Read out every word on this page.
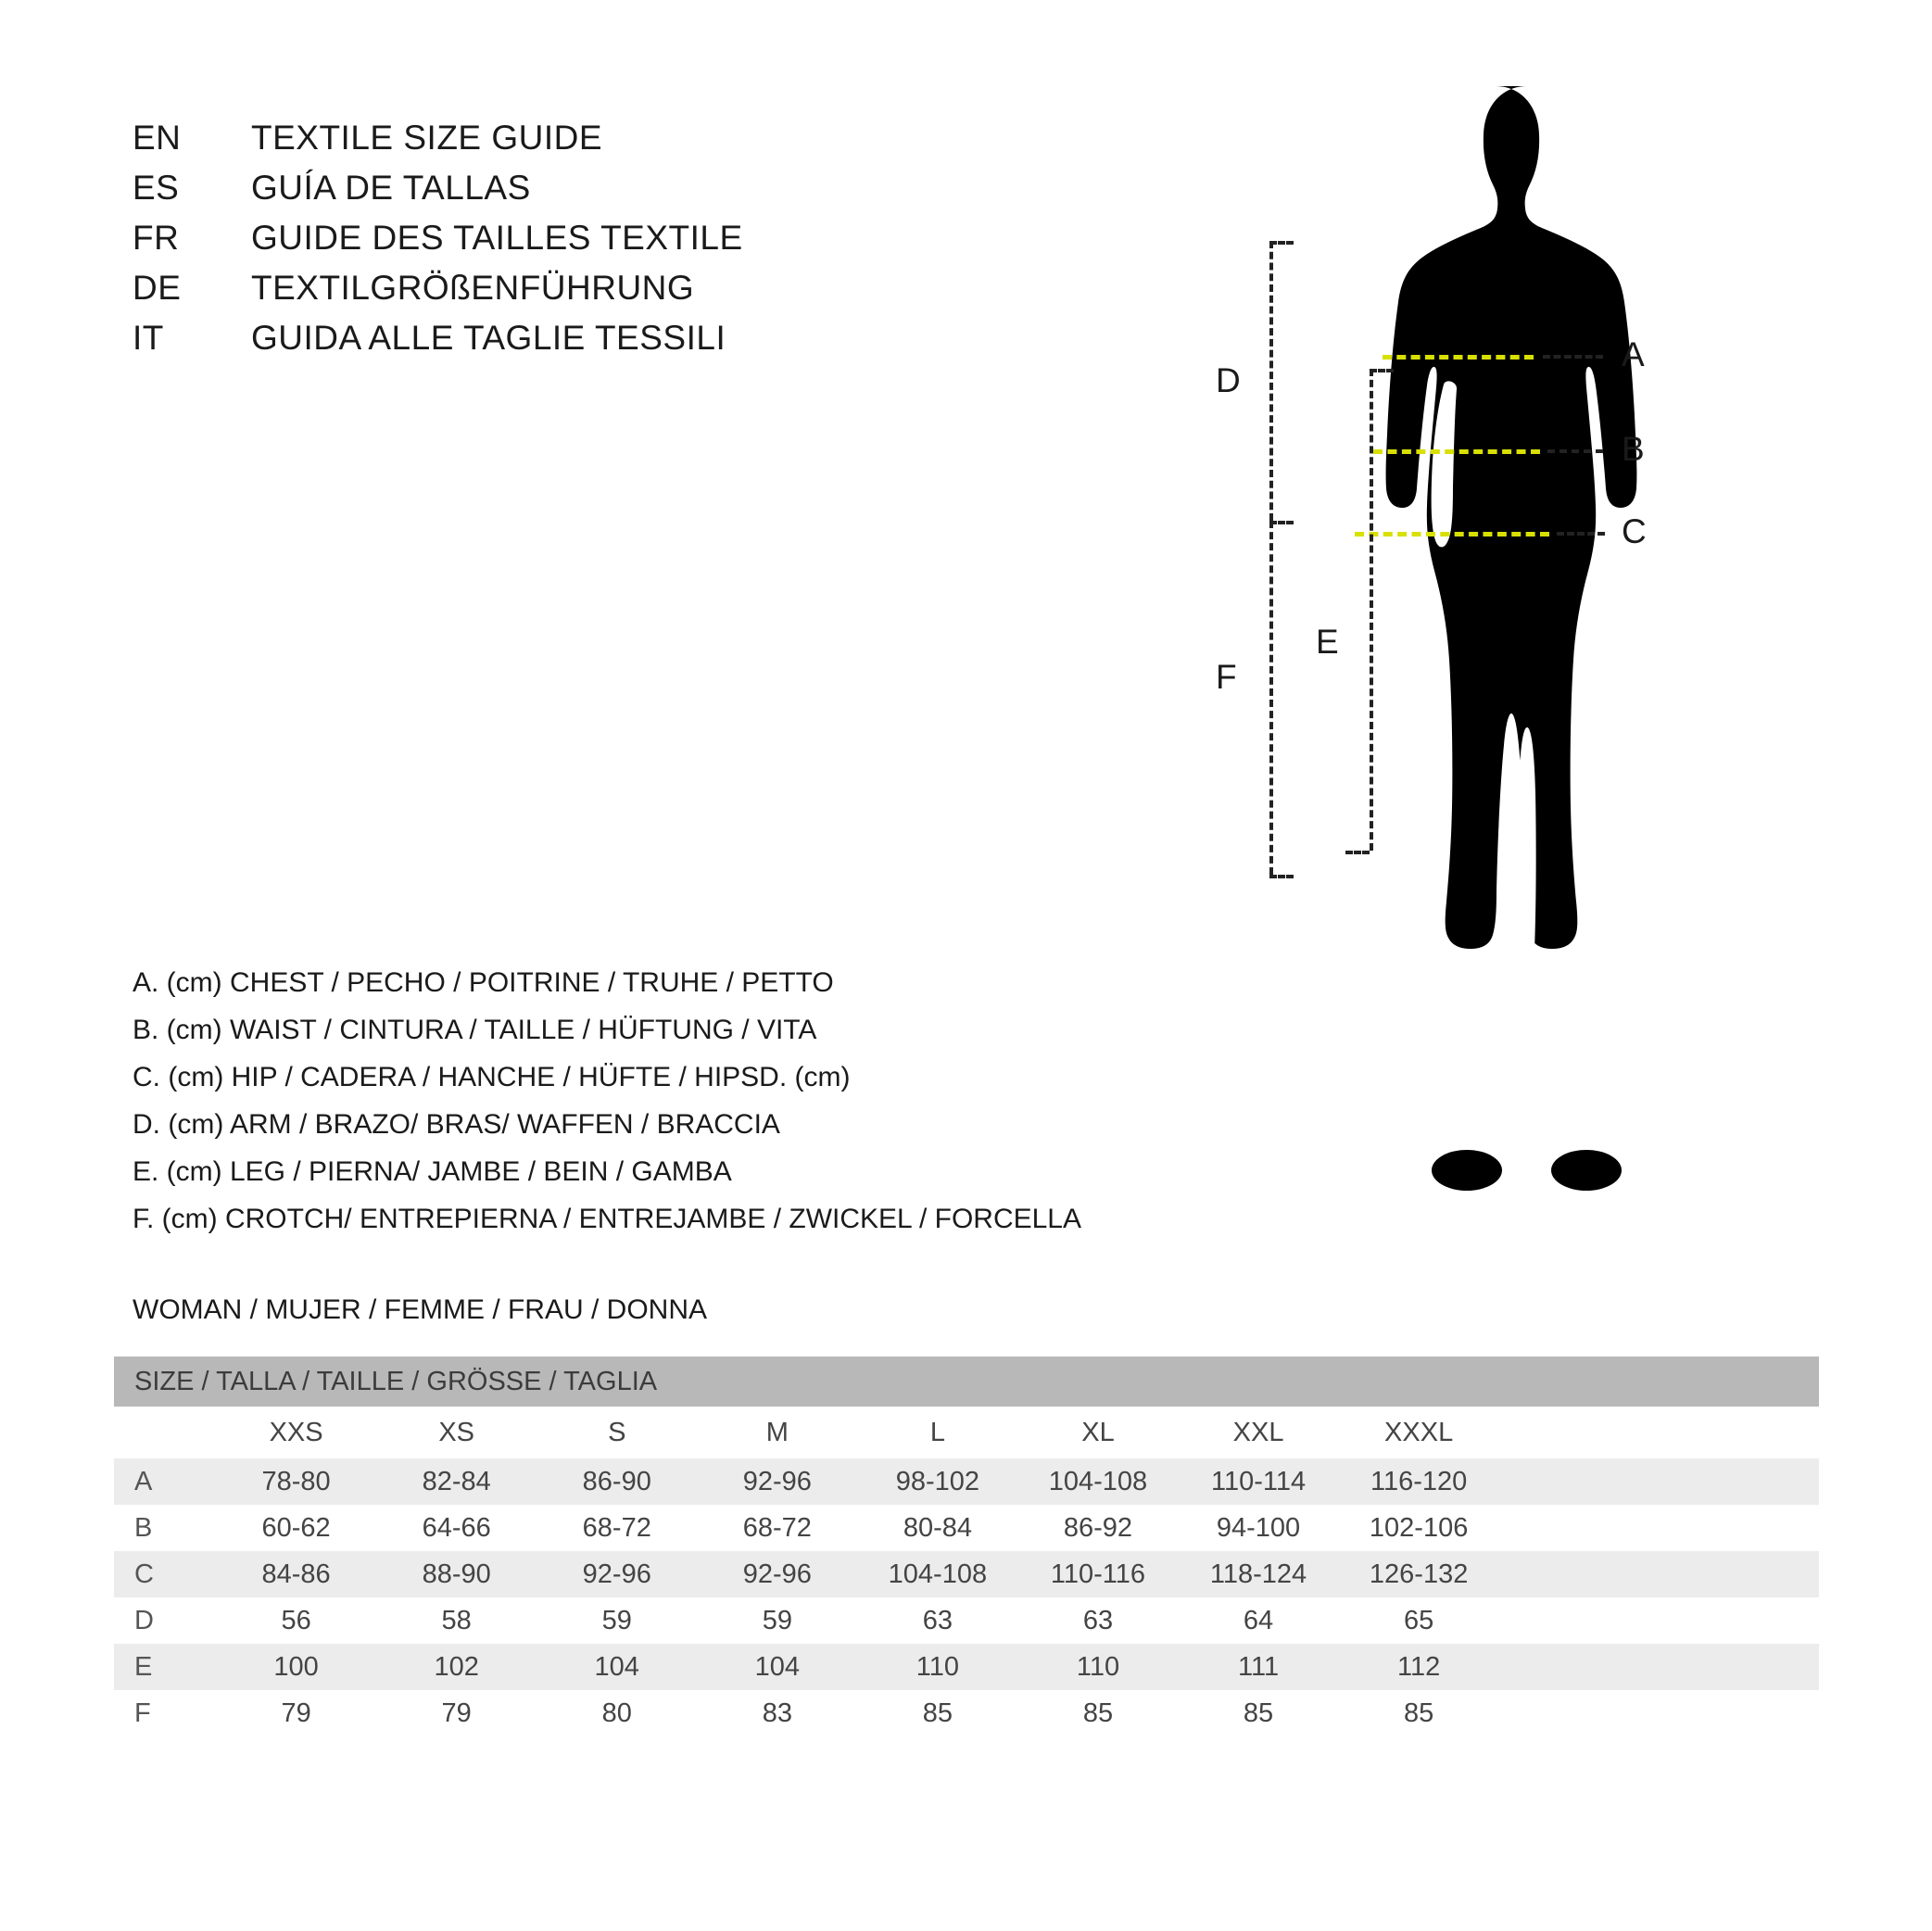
EN	TEXTILE SIZE GUIDE
ES	GUÍA DE TALLAS
FR	GUIDE DES TAILLES TEXTILE
DE	TEXTILGRÖßENFÜHRUNG
IT	GUIDA ALLE TAGLIE TESSILI
A. (cm) CHEST / PECHO / POITRINE / TRUHE / PETTO
B. (cm) WAIST / CINTURA / TAILLE / HÜFTUNG / VITA
C. (cm) HIP / CADERA / HANCHE / HÜFTE / HIPSD. (cm)
D. (cm) ARM / BRAZO/ BRAS/ WAFFEN / BRACCIA
E. (cm) LEG / PIERNA/ JAMBE / BEIN / GAMBA
F. (cm) CROTCH/ ENTREPIERNA / ENTREJAMBE / ZWICKEL / FORCELLA
WOMAN / MUJER / FEMME / FRAU / DONNA
A
B
C
D
E
F
SIZE / TALLA / TAILLE / GRÖSSE / TAGLIA									
	XXS	XS	S	M	L	XL	XXL	XXXL	
A	78-80	82-84	86-90	92-96	98-102	104-108	110-114	116-120	
B	60-62	64-66	68-72	68-72	80-84	86-92	94-100	102-106	
C	84-86	88-90	92-96	92-96	104-108	110-116	118-124	126-132	
D	56	58	59	59	63	63	64	65	
E	100	102	104	104	110	110	111	112	
F	79	79	80	83	85	85	85	85	
